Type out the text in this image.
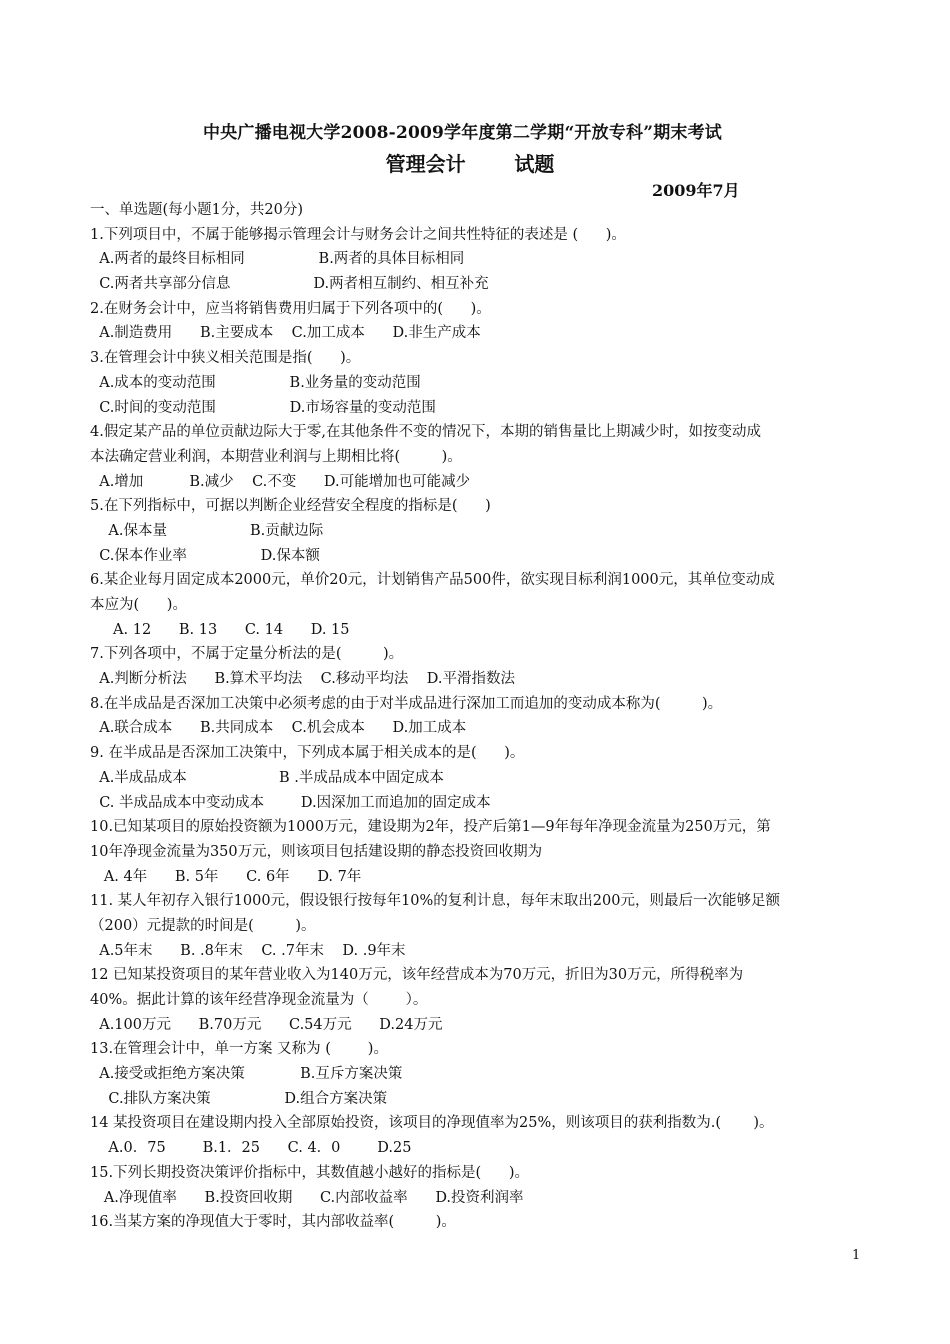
中央广播电视大学2008-2009学年度第二学期“开放专科”期末考试
管理会计       试题
2009年7月
一、单选题(每小题1分，共20分)
1.下列项目中，不属于能够揭示管理会计与财务会计之间共性特征的表述是 (      )。
A.两者的最终目标相同                B.两者的具体目标相同
C.两者共享部分信息                  D.两者相互制约、相互补充
2.在财务会计中，应当将销售费用归属于下列各项中的(      )。
A.制造费用      B.主要成本    C.加工成本      D.非生产成本
3.在管理会计中狭义相关范围是指(      )。
A.成本的变动范围                B.业务量的变动范围
C.时间的变动范围                D.市场容量的变动范围
4.假定某产品的单位贡献边际大于零,在其他条件不变的情况下，本期的销售量比上期减少时，如按变动成
本法确定营业利润，本期营业利润与上期相比将(         )。
A.增加          B.减少    C.不变      D.可能增加也可能减少
5.在下列指标中，可据以判断企业经营安全程度的指标是(      )
A.保本量                  B.贡献边际
C.保本作业率                D.保本额
6.某企业每月固定成本2000元，单价20元，计划销售产品500件，欲实现目标利润1000元，其单位变动成
本应为(      )。
A. 12      B. 13      C. 14      D. 15
7.下列各项中，不属于定量分析法的是(         )。
A.判断分析法      B.算术平均法    C.移动平均法    D.平滑指数法
8.在半成品是否深加工决策中必须考虑的由于对半成品进行深加工而追加的变动成本称为(         )。
A.联合成本      B.共同成本    C.机会成本      D.加工成本
9. 在半成品是否深加工决策中，下列成本属于相关成本的是(      )。
A.半成品成本                    B .半成品成本中固定成本
C. 半成品成本中变动成本        D.因深加工而追加的固定成本
10.已知某项目的原始投资额为1000万元，建设期为2年，投产后第1—9年每年净现金流量为250万元，第
10年净现金流量为350万元，则该项目包括建设期的静态投资回收期为
A. 4年      B. 5年      C. 6年      D. 7年
11. 某人年初存入银行1000元，假设银行按每年10%的复利计息，每年末取出200元，则最后一次能够足额
（200）元提款的时间是(         )。
A.5年末      B. .8年末    C. .7年末    D. .9年末
12 已知某投资项目的某年营业收入为140万元，该年经营成本为70万元，折旧为30万元，所得税率为
40%。据此计算的该年经营净现金流量为（        ）。
A.100万元      B.70万元      C.54万元      D.24万元
13.在管理会计中，单一方案 又称为 (        )。
A.接受或拒绝方案决策            B.互斥方案决策
C.排队方案决策                D.组合方案决策
14 某投资项目在建设期内投入全部原始投资，该项目的净现值率为25%，则该项目的获利指数为.(       )。
A.0．75        B.1．25      C. 4．0        D.25
15.下列长期投资决策评价指标中，其数值越小越好的指标是(      )。
A.净现值率      B.投资回收期      C.内部收益率      D.投资利润率
16.当某方案的净现值大于零时，其内部收益率(         )。
1
